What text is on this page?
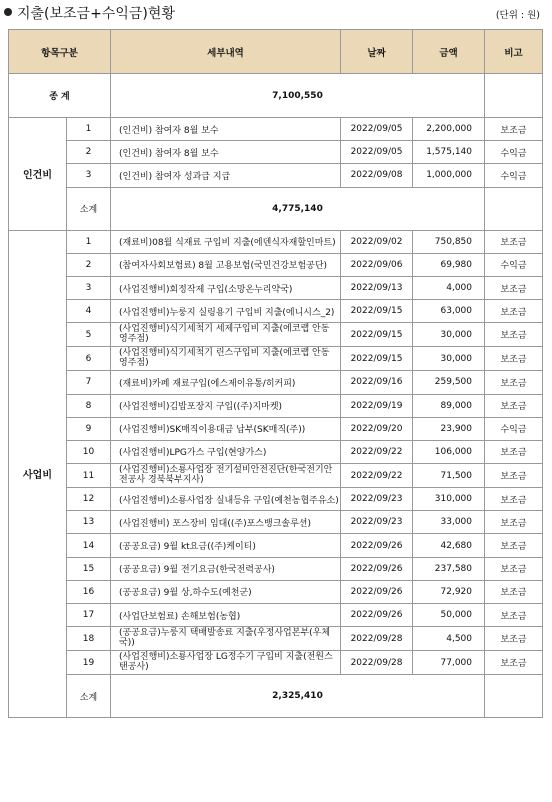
지출(보조금+수익금)현황	(단위 : 원)
항목구분		세부내역	날짜	금액	비고
종 계		7,100,550			
인건비	1	(인건비) 참여자 8월 보수	2022/09/05	2,200,000	보조금
	2	(인건비) 참여자 8월 보수	2022/09/05	1,575,140	수익금
	3	(인건비) 참여자 성과급 지급	2022/09/08	1,000,000	수익금
	소계	4,775,140			
사업비	1	(재료비)08월 식재료 구입비 지출(에덴식자재할인마트)	2022/09/02	750,850	보조금
	2	(참여자사회보험료) 8월 고용보험(국민건강보험공단)	2022/09/06	69,980	수익금
	3	(사업진행비)회정작제 구입(소망온누리약국)	2022/09/13	4,000	보조금
	4	(사업진행비)누룽지 실링용기 구입비 지출(에니시스_2)	2022/09/15	63,000	보조금
	5	(사업진행비)식기세척기 세제구입비 지출(에코랩 안동 영주점)	2022/09/15	30,000	보조금
	6	(사업진행비)식기세척기 린스구입비 지출(에코랩 안동 영주점)	2022/09/15	30,000	보조금
	7	(재료비)카페 재료구입(에스제이유통/히커피)	2022/09/16	259,500	보조금
	8	(사업진행비)김밥포장지 구입((주)지마켓)	2022/09/19	89,000	보조금
	9	(사업진행비)SK매직이용대금 납부(SK매직(주))	2022/09/20	23,900	수익금
	10	(사업진행비)LPG가스 구입(현양가스)	2022/09/22	106,000	보조금
	11	(사업진행비)소룡사업장 전기설비안전진단(한국전기안전공사 경북북부지사)	2022/09/22	71,500	보조금
	12	(사업진행비)소룡사업장 실내등유 구입(예천농협주유소)	2022/09/23	310,000	보조금
	13	(사업진행비) 포스장비 임대((주)포스뱅크솔루션)	2022/09/23	33,000	보조금
	14	(공공요금) 9월 kt요금((주)케이티)	2022/09/26	42,680	보조금
	15	(공공요금) 9월 전기요금(한국전력공사)	2022/09/26	237,580	보조금
	16	(공공요금) 9월 상,하수도(예천군)	2022/09/26	72,920	보조금
	17	(사업단보험료) 손해보험(농협)	2022/09/26	50,000	보조금
	18	(공공요금)누룽지 택배발송료 지출(우정사업본부(우체국))	2022/09/28	4,500	보조금
	19	(사업진행비)소룡사업장 LG정수기 구입비 지출(전원스탠공사)	2022/09/28	77,000	보조금
	소계	2,325,410			
